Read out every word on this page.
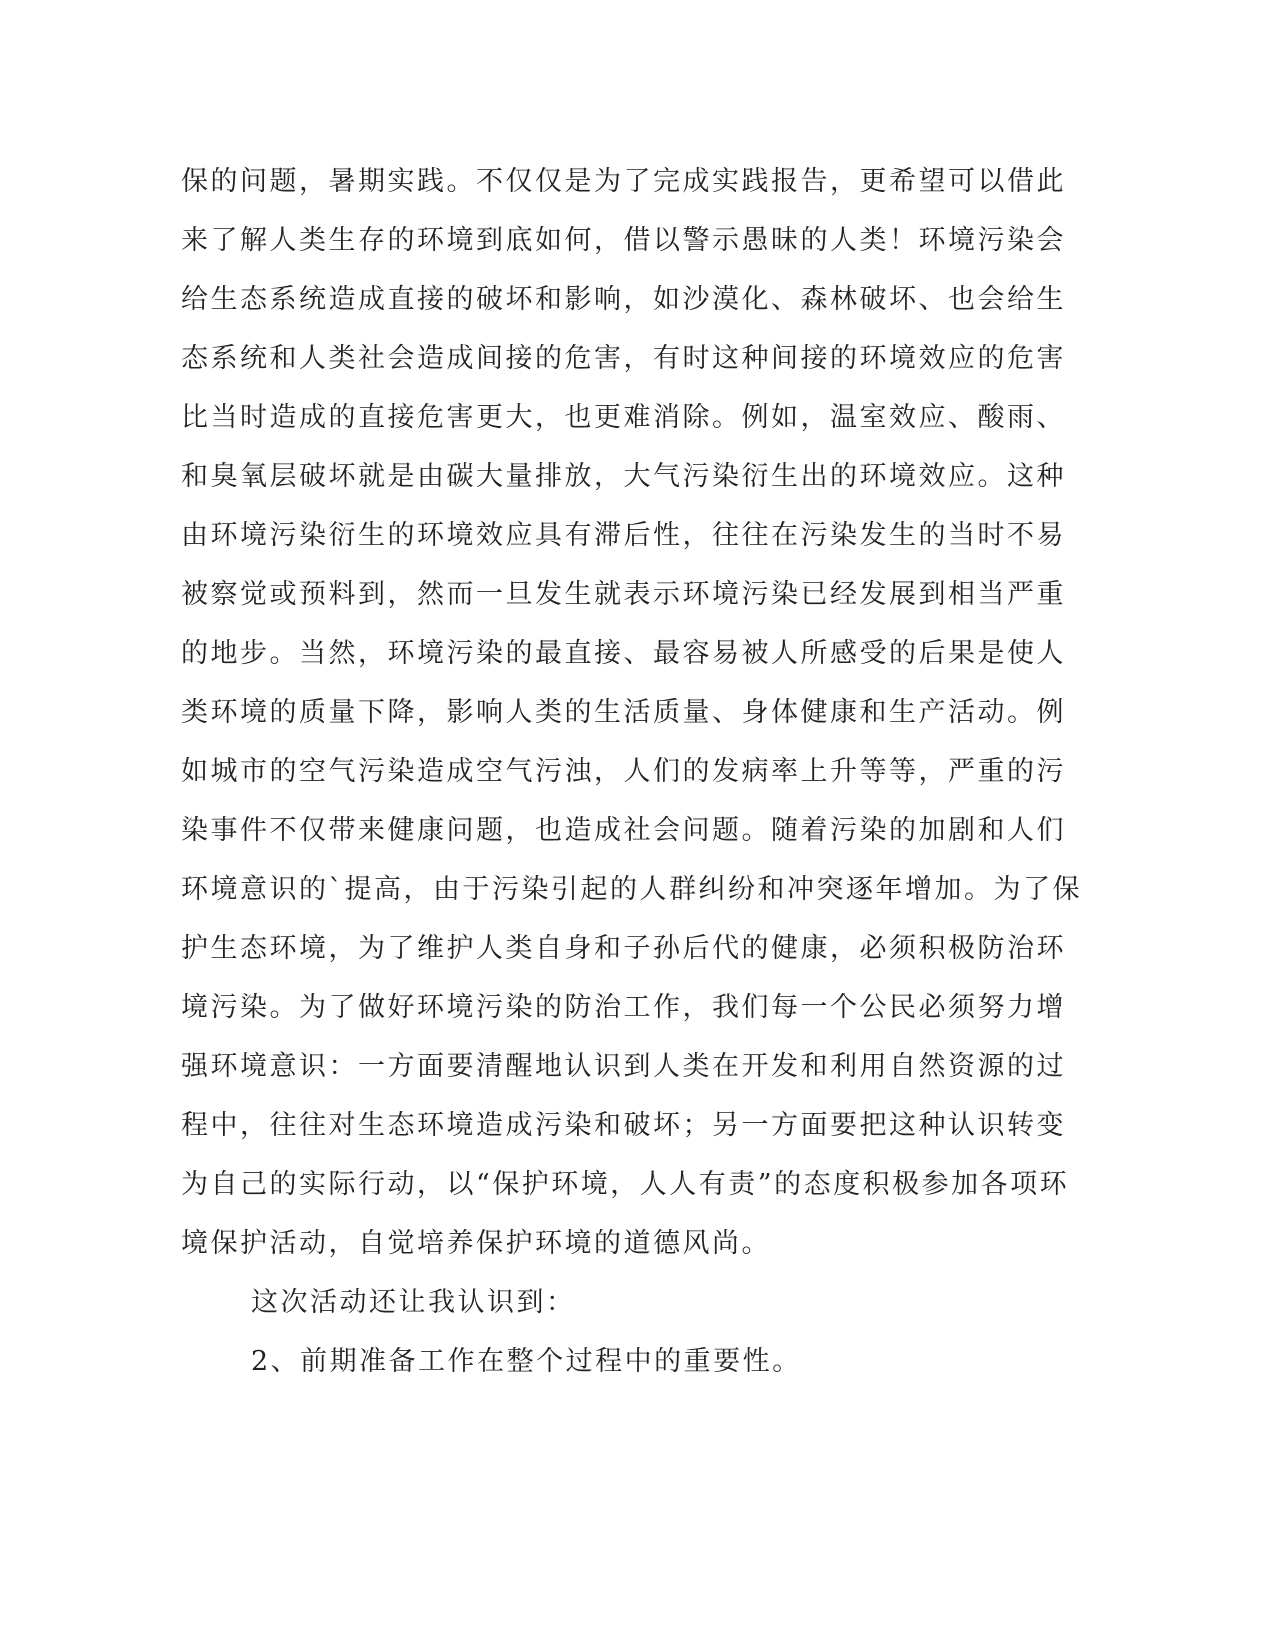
保的问题，暑期实践。不仅仅是为了完成实践报告，更希望可以借此

来了解人类生存的环境到底如何，借以警示愚昧的人类！环境污染会

给生态系统造成直接的破坏和影响，如沙漠化、森林破坏、也会给生

态系统和人类社会造成间接的危害，有时这种间接的环境效应的危害

比当时造成的直接危害更大，也更难消除。例如，温室效应、酸雨、

和臭氧层破坏就是由碳大量排放，大气污染衍生出的环境效应。这种

由环境污染衍生的环境效应具有滞后性，往往在污染发生的当时不易

被察觉或预料到，然而一旦发生就表示环境污染已经发展到相当严重

的地步。当然，环境污染的最直接、最容易被人所感受的后果是使人

类环境的质量下降，影响人类的生活质量、身体健康和生产活动。例

如城市的空气污染造成空气污浊，人们的发病率上升等等，严重的污

染事件不仅带来健康问题，也造成社会问题。随着污染的加剧和人们

环境意识的`提高，由于污染引起的人群纠纷和冲突逐年增加。为了保

护生态环境，为了维护人类自身和子孙后代的健康，必须积极防治环

境污染。为了做好环境污染的防治工作，我们每一个公民必须努力增

强环境意识：一方面要清醒地认识到人类在开发和利用自然资源的过

程中，往往对生态环境造成污染和破坏；另一方面要把这种认识转变

为自己的实际行动，以“保护环境，人人有责”的态度积极参加各项环

境保护活动，自觉培养保护环境的道德风尚。

这次活动还让我认识到：

2、前期准备工作在整个过程中的重要性。
